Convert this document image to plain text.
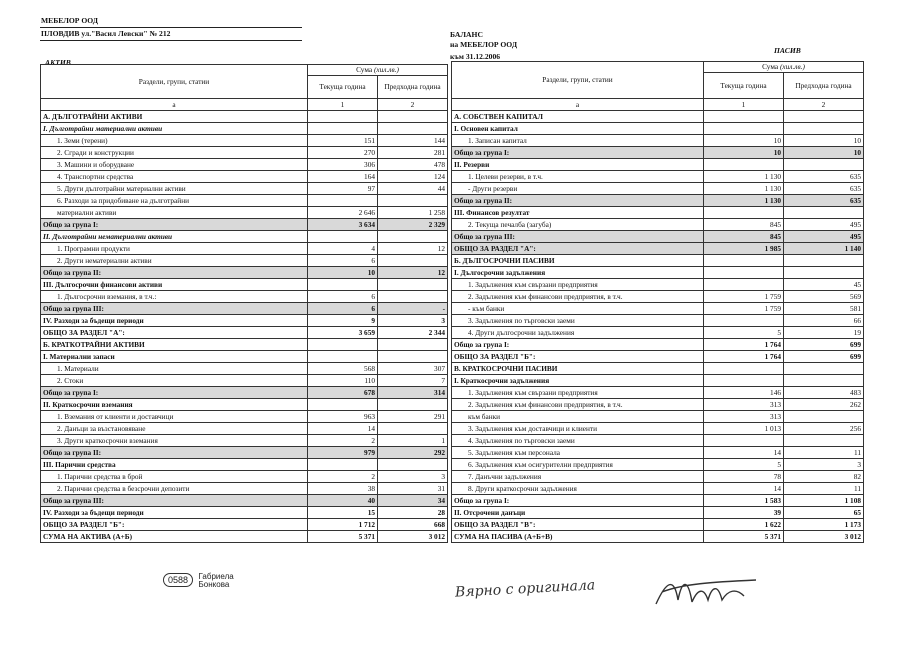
МЕБЕЛОР ООД
ПЛОВДИВ ул."Васил Левски" № 212	БАЛАНС
на МЕБЕЛОР ООД
към 31.12.2006
АКТИВ
ПАСИВ
Раздели, групи, статии	Сума (хил.лв.)	
	Текуща година	Предходна година
а	1	2
А. ДЪЛГОТРАЙНИ АКТИВИ		
I. Дълготрайни материални активи		
1. Земи (терени)	151	144
2. Сгради и конструкции	270	281
3. Машини и оборудване	306	478
4. Транспортни средства	164	124
5. Други дълготрайни материални активи	97	44
6. Разходи за придобиване на дълготрайни		
материални активи	2 646	1 258
Общо за група I:	3 634	2 329
II. Дълготрайни нематериални активи		
1. Програмни продукти	4	12
2. Други нематериални активи	6	
Общо за група II:	10	12
III. Дългосрочни финансови активи		
1. Дългосрочни вземания, в т.ч.:	6	
Общо за група III:	6	-
IV. Разходи за бъдещи периоди	9	3
ОБЩО ЗА РАЗДЕЛ "А":	3 659	2 344
Б. КРАТКОТРАЙНИ АКТИВИ		
I. Материални запаси		
1. Материали	568	307
2. Стоки	110	7
Общо за група I:	678	314
II. Краткосрочни вземания		
1. Вземания от клиенти и доставчици	963	291
2. Данъци за възстановяване	14	
3. Други краткосрочни вземания	2	1
Общо за група II:	979	292
III. Парични средства		
1. Парични средства в брой	2	3
2. Парични средства в безсрочни депозити	38	31
Общо за група III:	40	34
IV. Разходи за бъдещи периоди	15	28
ОБЩО ЗА РАЗДЕЛ "Б":	1 712	668
СУМА НА АКТИВА (А+Б)	5 371	3 012
Раздели, групи, статии	Сума (хил.лв.)	
	Текуща година	Предходна година
а	1	2
А. СОБСТВЕН КАПИТАЛ		
I. Основен капитал		
1. Записан капитал	10	10
Общо за група I:	10	10
II. Резерви		
1. Целеви резерви, в т.ч.	1 130	635
- Други резерви	1 130	635
Общо за група II:	1 130	635
III. Финансов резултат		
2. Текуща печалба (загуба)	845	495
Общо за група III:	845	495
ОБЩО ЗА РАЗДЕЛ "А":	1 985	1 140
Б. ДЪЛГОСРОЧНИ ПАСИВИ		
I. Дългосрочни задължения		
1. Задължения към свързани предприятия		45
2. Задължения към финансови предприятия, в т.ч.	1 759	569
- към банки	1 759	581
3. Задължения по търговски заеми		66
4. Други дългосрочни задължения	5	19
Общо за група I:	1 764	699
ОБЩО ЗА РАЗДЕЛ "Б":	1 764	699
В. КРАТКОСРОЧНИ ПАСИВИ		
I. Краткосрочни задължения		
1. Задължения към свързани предприятия	146	483
2. Задължения към финансови предприятия, в т.ч.	313	262
към банки	313	
3. Задължения към доставчици и клиенти	1 013	256
4. Задължения по търговски заеми		
5. Задължения към персонала	14	11
6. Задължения към осигурителни предприятия	5	3
7. Данъчни задължения	78	82
8. Други краткосрочни задължения	14	11
Общо за група I:	1 583	1 108
II. Отсрочени данъци	39	65
ОБЩО ЗА РАЗДЕЛ "В":	1 622	1 173
СУМА НА ПАСИВА (А+Б+В)	5 371	3 012
0588 Габриела
Бонкова	Вярно с оригинала
